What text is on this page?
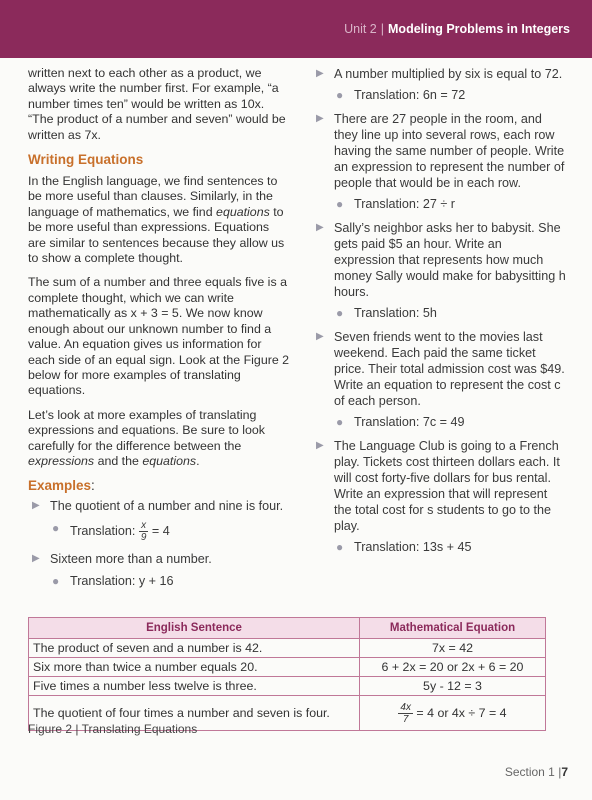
Unit 2 | Modeling Problems in Integers

written next to each other as a product, we always write the number first. For example, “a number times ten” would be written as 10x. “The product of a number and seven” would be written as 7x.

Writing Equations

In the English language, we find sentences to be more useful than clauses. Similarly, in the language of mathematics, we find equations to be more useful than expressions. Equations are similar to sentences because they allow us to show a complete thought.

The sum of a number and three equals five is a complete thought, which we can write mathematically as x + 3 = 5. We now know enough about our unknown number to find a value. An equation gives us information for each side of an equal sign. Look at the Figure 2 below for more examples of translating equations.

Let’s look at more examples of translating expressions and equations. Be sure to look carefully for the difference between the expressions and the equations.

Examples:
▶ The quotient of a number and nine is four.
● Translation: $\frac{x}{9} = 4$
▶ Sixteen more than a number.
● Translation: y + 16
▶ A number multiplied by six is equal to 72.
● Translation: 6n = 72
▶ There are 27 people in the room, and they line up into several rows, each row having the same number of people. Write an expression to represent the number of people that would be in each row.
● Translation: 27 ÷ r
▶ Sally’s neighbor asks her to babysit. She gets paid $5 an hour. Write an expression that represents how much money Sally would make for babysitting h hours.
● Translation: 5h
▶ Seven friends went to the movies last weekend. Each paid the same ticket price. Their total admission cost was $49. Write an equation to represent the cost c of each person.
● Translation: 7c = 49
▶ The Language Club is going to a French play. Tickets cost thirteen dollars each. It will cost forty-five dollars for bus rental. Write an expression that will represent the total cost for s students to go to the play.
● Translation: 13s + 45
English Sentence	Mathematical Equation
The product of seven and a number is 42.	7x = 42
Six more than twice a number equals 20.	6 + 2x = 20 or 2x + 6 = 20
Five times a number less twelve is three.	5y - 12 = 3
The quotient of four times a number and seven is four.	$\frac{4x}{7} = 4$ or 4x ÷ 7 = 4
Figure 2 | Translating Equations
Section 1 |7
